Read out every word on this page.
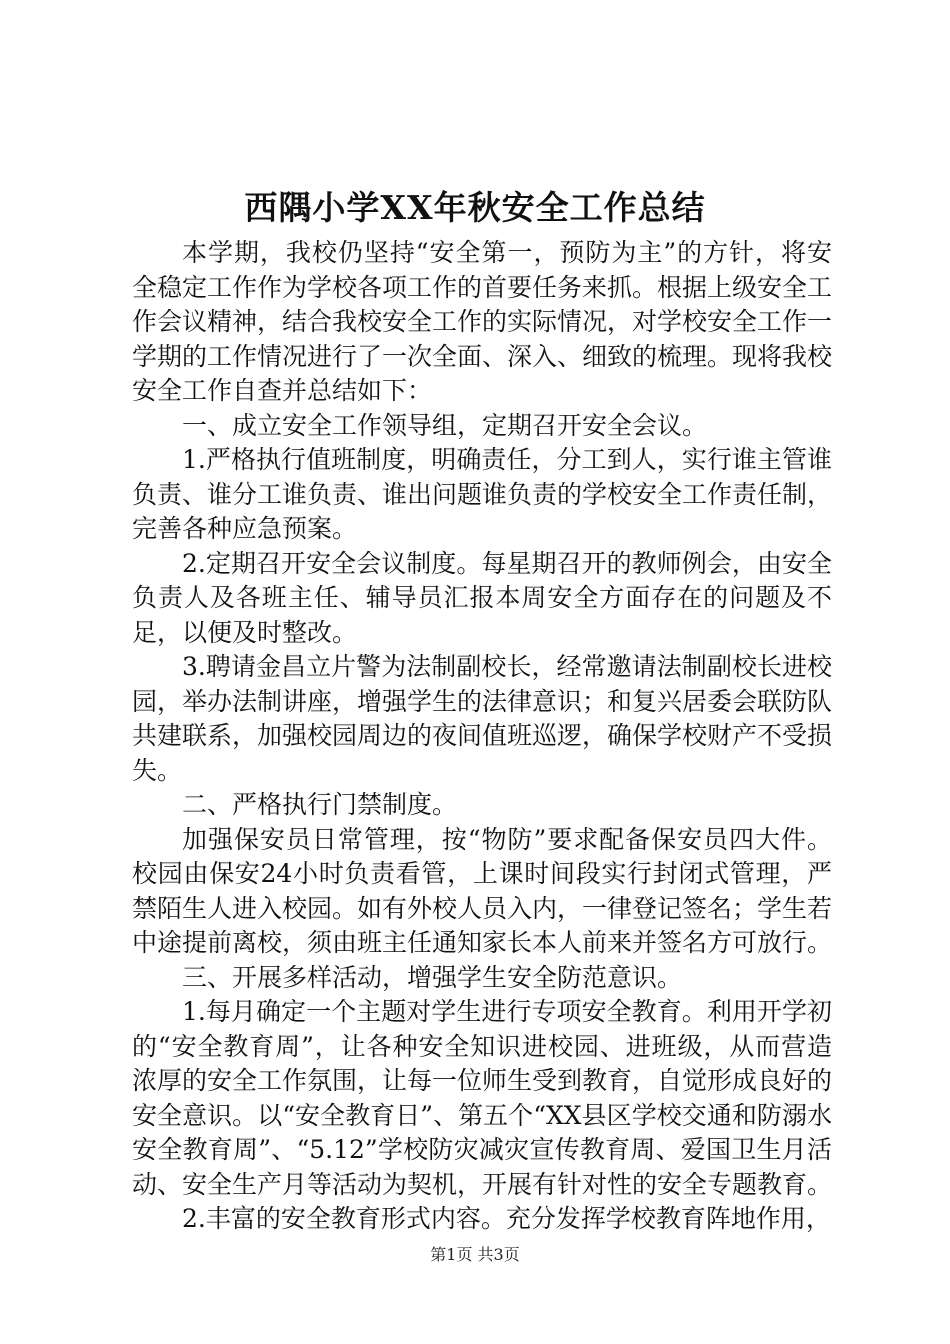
西隅小学XX年秋安全工作总结

本学期，我校仍坚持“安全第一，预防为主”的方针，将安全稳定工作作为学校各项工作的首要任务来抓。根据上级安全工作会议精神，结合我校安全工作的实际情况，对学校安全工作一学期的工作情况进行了一次全面、深入、细致的梳理。现将我校安全工作自查并总结如下：

一、成立安全工作领导组，定期召开安全会议。

1.严格执行值班制度，明确责任，分工到人，实行谁主管谁负责、谁分工谁负责、谁出问题谁负责的学校安全工作责任制，完善各种应急预案。

2.定期召开安全会议制度。每星期召开的教师例会，由安全负责人及各班主任、辅导员汇报本周安全方面存在的问题及不足，以便及时整改。

3.聘请金昌立片警为法制副校长，经常邀请法制副校长进校园，举办法制讲座，增强学生的法律意识；和复兴居委会联防队共建联系，加强校园周边的夜间值班巡逻，确保学校财产不受损失。

二、严格执行门禁制度。

加强保安员日常管理，按“物防”要求配备保安员四大件。校园由保安24小时负责看管，上课时间段实行封闭式管理，严禁陌生人进入校园。如有外校人员入内，一律登记签名；学生若中途提前离校，须由班主任通知家长本人前来并签名方可放行。

三、开展多样活动，增强学生安全防范意识。

1.每月确定一个主题对学生进行专项安全教育。利用开学初的“安全教育周”，让各种安全知识进校园、进班级，从而营造浓厚的安全工作氛围，让每一位师生受到教育，自觉形成良好的安全意识。以“安全教育日”、第五个“XX县区学校交通和防溺水安全教育周”、“5.12”学校防灾减灾宣传教育周、爱国卫生月活动、安全生产月等活动为契机，开展有针对性的安全专题教育。

2.丰富的安全教育形式内容。充分发挥学校教育阵地作用，

第1页 共3页
